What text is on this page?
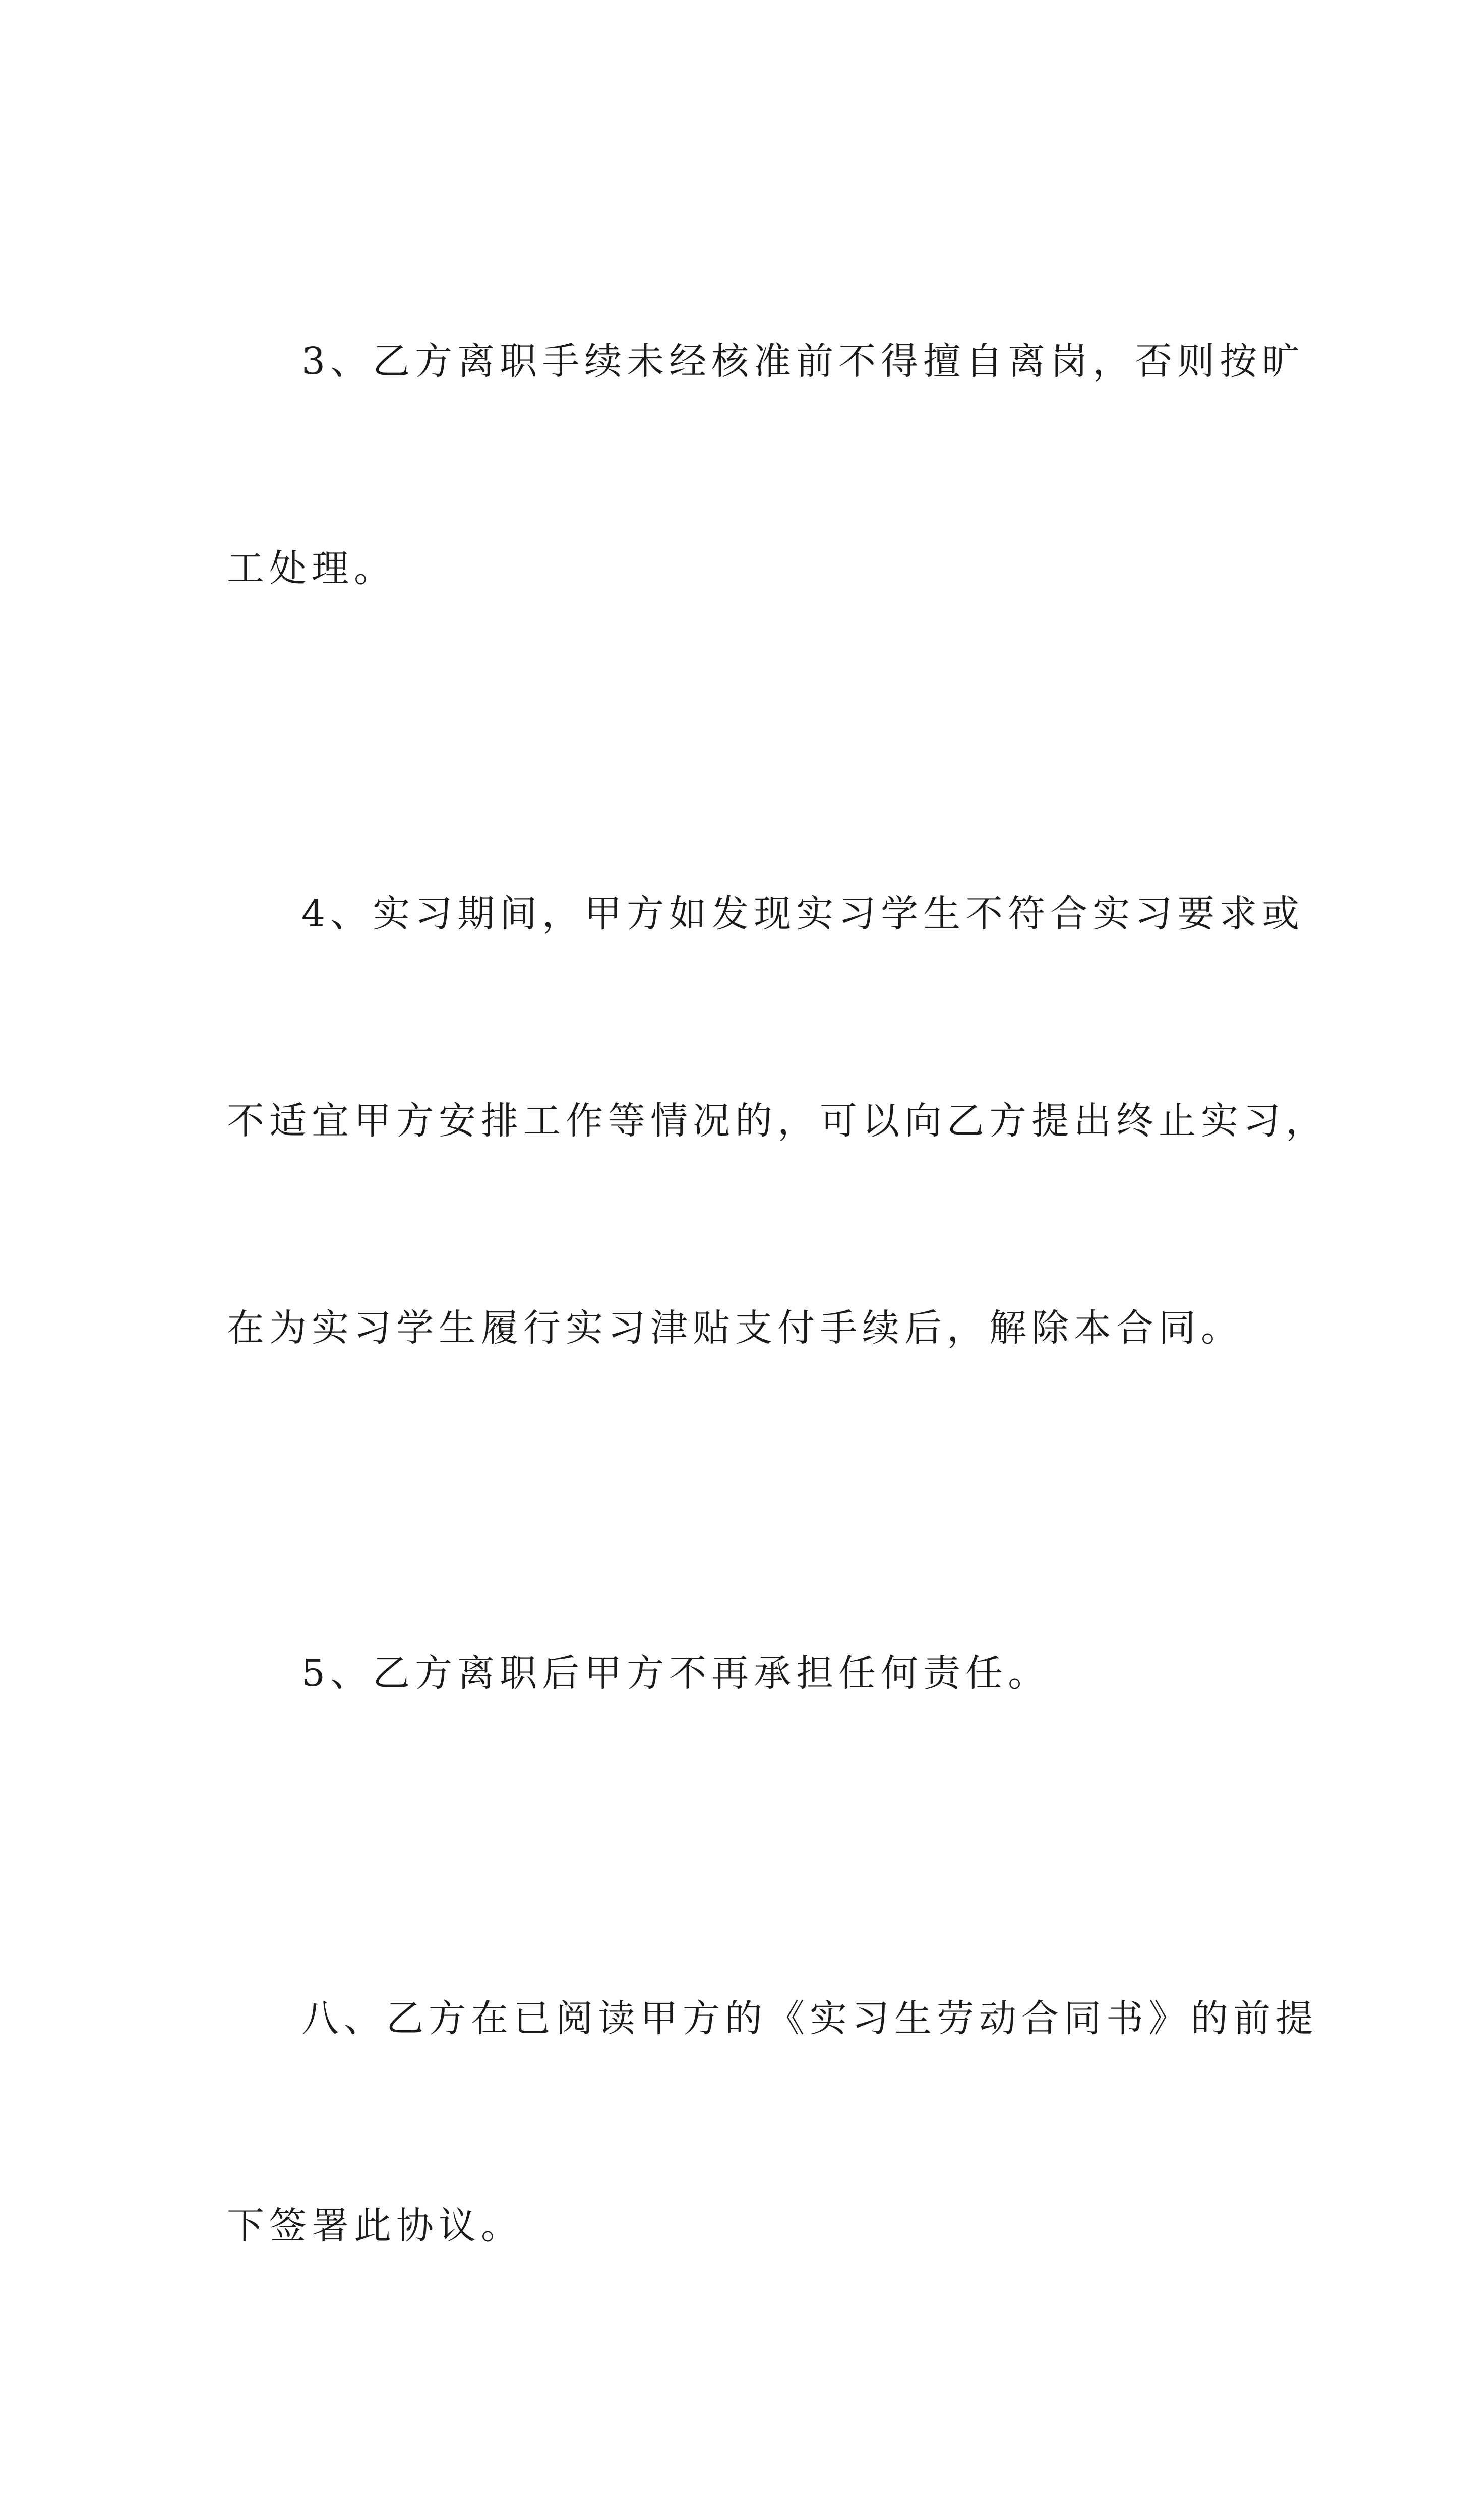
3、乙方离职手续未经核准前不得擅自离岗，否则按旷

工处理。

4、实习期间，甲方如发现实习学生不符合实习要求或

不适宜甲方安排工作等情况的，可以向乙方提出终止实习，

在为实习学生履行实习津贴支付手续后，解除本合同。

5、乙方离职后甲方不再承担任何责任。

八、乙方在已阅读甲方的《实习生劳动合同书》的前提

下签署此协议。
